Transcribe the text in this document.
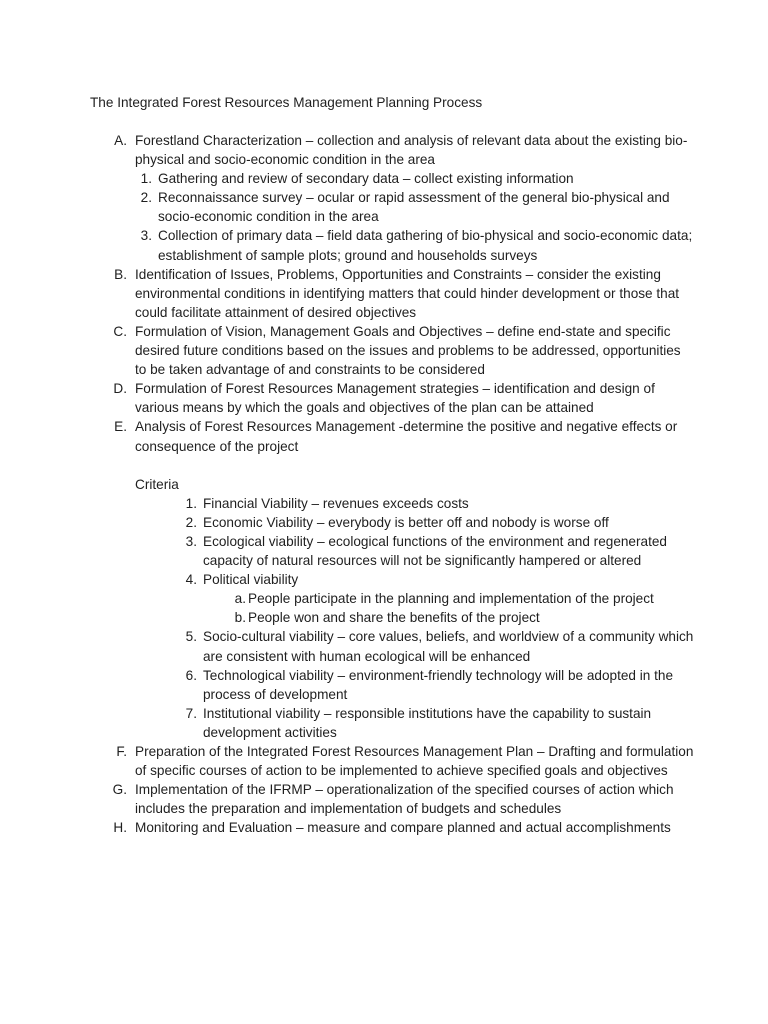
The Integrated Forest Resources Management Planning Process
A. Forestland Characterization – collection and analysis of relevant data about the existing bio-physical and socio-economic condition in the area
1. Gathering and review of secondary data – collect existing information
2. Reconnaissance survey – ocular or rapid assessment of the general bio-physical and socio-economic condition in the area
3. Collection of primary data – field data gathering of bio-physical and socio-economic data; establishment of sample plots; ground and households surveys
B. Identification of Issues, Problems, Opportunities and Constraints – consider the existing environmental conditions in identifying matters that could hinder development or those that could facilitate attainment of desired objectives
C. Formulation of Vision, Management Goals and Objectives – define end-state and specific desired future conditions based on the issues and problems to be addressed, opportunities to be taken advantage of and constraints to be considered
D. Formulation of Forest Resources Management strategies – identification and design of various means by which the goals and objectives of the plan can be attained
E. Analysis of Forest Resources Management -determine the positive and negative effects or consequence of the project
Criteria
1. Financial Viability – revenues exceeds costs
2. Economic Viability – everybody is better off and nobody is worse off
3. Ecological viability – ecological functions of the environment and regenerated capacity of natural resources will not be significantly hampered or altered
4. Political viability
a. People participate in the planning and implementation of the project
b. People won and share the benefits of the project
5. Socio-cultural viability – core values, beliefs, and worldview of a community which are consistent with human ecological will be enhanced
6. Technological viability – environment-friendly technology will be adopted in the process of development
7. Institutional viability – responsible institutions have the capability to sustain development activities
F. Preparation of the Integrated Forest Resources Management Plan – Drafting and formulation of specific courses of action to be implemented to achieve specified goals and objectives
G. Implementation of the IFRMP – operationalization of the specified courses of action which includes the preparation and implementation of budgets and schedules
H. Monitoring and Evaluation – measure and compare planned and actual accomplishments
